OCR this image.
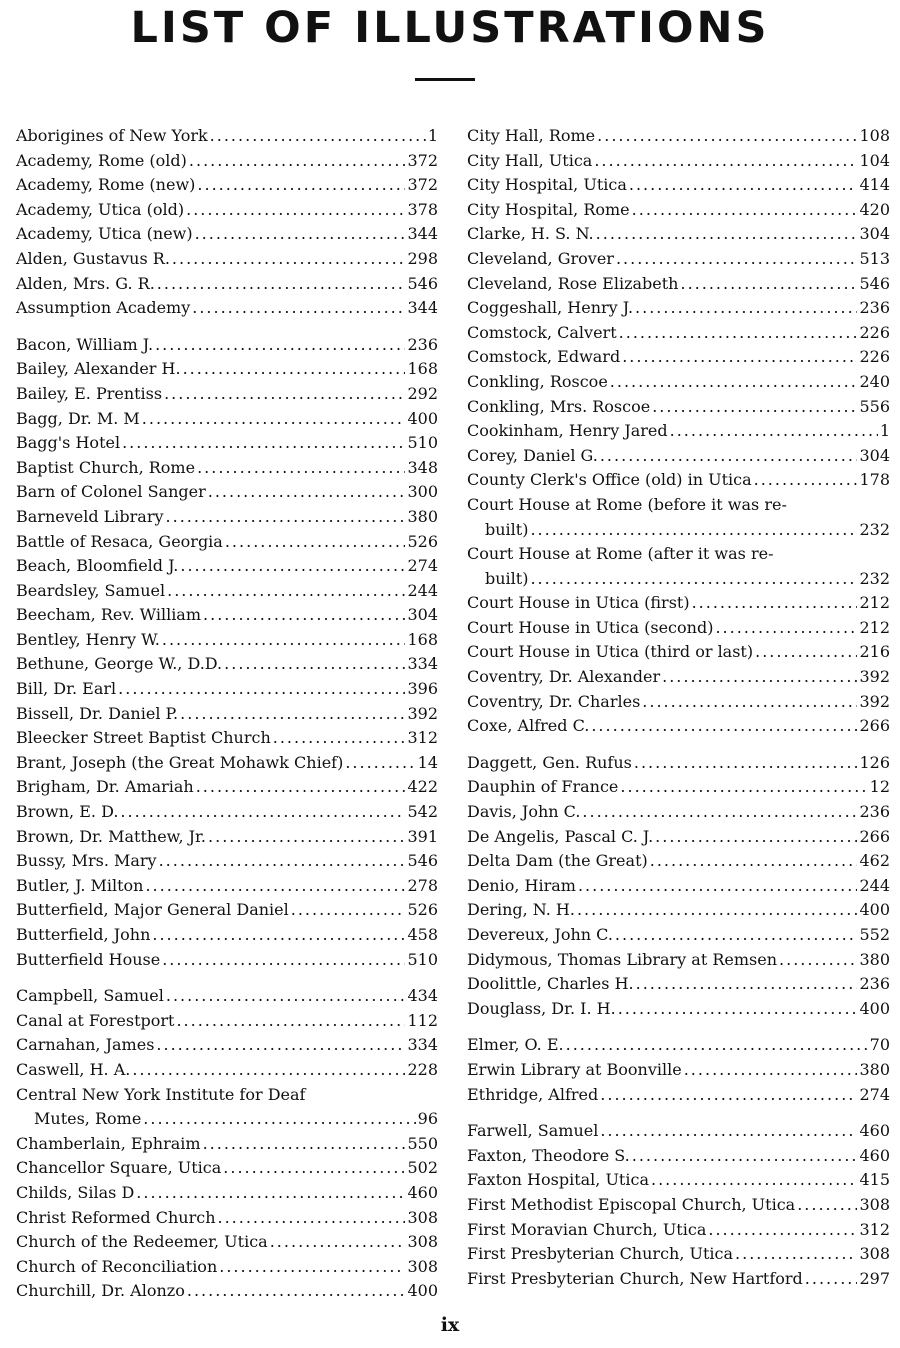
LIST OF ILLUSTRATIONS
Aborigines of New York .....	1
Academy, Rome (old) .....	372
Academy, Rome (new) .....	372
Academy, Utica (old) .....	378
Academy, Utica (new) .....	344
Alden, Gustavus R. .....	298
Alden, Mrs. G. R. .....	546
Assumption Academy .....	344
Bacon, William J. .....	236
Bailey, Alexander H. .....	168
Bailey, E. Prentiss .....	292
Bagg, Dr. M. M .....	400
Bagg's Hotel .....	510
Baptist Church, Rome .....	348
Barn of Colonel Sanger .....	300
Barneveld Library .....	380
Battle of Resaca, Georgia .....	526
Beach, Bloomfield J. .....	274
Beardsley, Samuel .....	244
Beecham, Rev. William .....	304
Bentley, Henry W. .....	168
Bethune, George W., D.D. .....	334
Bill, Dr. Earl .....	396
Bissell, Dr. Daniel P. .....	392
Bleecker Street Baptist Church .....	312
Brant, Joseph (the Great Mohawk Chief) .....	14
Brigham, Dr. Amariah .....	422
Brown, E. D. .....	542
Brown, Dr. Matthew, Jr. .....	391
Bussy, Mrs. Mary .....	546
Butler, J. Milton .....	278
Butterfield, Major General Daniel .....	526
Butterfield, John .....	458
Butterfield House .....	510
Campbell, Samuel .....	434
Canal at Forestport .....	112
Carnahan, James .....	334
Caswell, H. A. .....	228
Central New York Institute for Deaf
Mutes, Rome .....	96
Chamberlain, Ephraim .....	550
Chancellor Square, Utica .....	502
Childs, Silas D .....	460
Christ Reformed Church .....	308
Church of the Redeemer, Utica .....	308
Church of Reconciliation .....	308
Churchill, Dr. Alonzo .....	400
City Hall, Rome .....	108
City Hall, Utica .....	104
City Hospital, Utica .....	414
City Hospital, Rome .....	420
Clarke, H. S. N. .....	304
Cleveland, Grover .....	513
Cleveland, Rose Elizabeth .....	546
Coggeshall, Henry J. .....	236
Comstock, Calvert .....	226
Comstock, Edward .....	226
Conkling, Roscoe .....	240
Conkling, Mrs. Roscoe .....	556
Cookinham, Henry Jared .....	1
Corey, Daniel G. .....	304
County Clerk's Office (old) in Utica .....	178
Court House at Rome (before it was re-
built) .....	232
Court House at Rome (after it was re-
built) .....	232
Court House in Utica (first) .....	212
Court House in Utica (second) .....	212
Court House in Utica (third or last) .....	216
Coventry, Dr. Alexander .....	392
Coventry, Dr. Charles .....	392
Coxe, Alfred C. .....	266
Daggett, Gen. Rufus .....	126
Dauphin of France .....	12
Davis, John C. .....	236
De Angelis, Pascal C. J. .....	266
Delta Dam (the Great) .....	462
Denio, Hiram .....	244
Dering, N. H. .....	400
Devereux, John C. .....	552
Didymous, Thomas Library at Remsen .....	380
Doolittle, Charles H. .....	236
Douglass, Dr. I. H. .....	400
Elmer, O. E. .....	70
Erwin Library at Boonville .....	380
Ethridge, Alfred .....	274
Farwell, Samuel .....	460
Faxton, Theodore S. .....	460
Faxton Hospital, Utica .....	415
First Methodist Episcopal Church, Utica .....	308
First Moravian Church, Utica .....	312
First Presbyterian Church, Utica .....	308
First Presbyterian Church, New Hartford .....	297
ix
